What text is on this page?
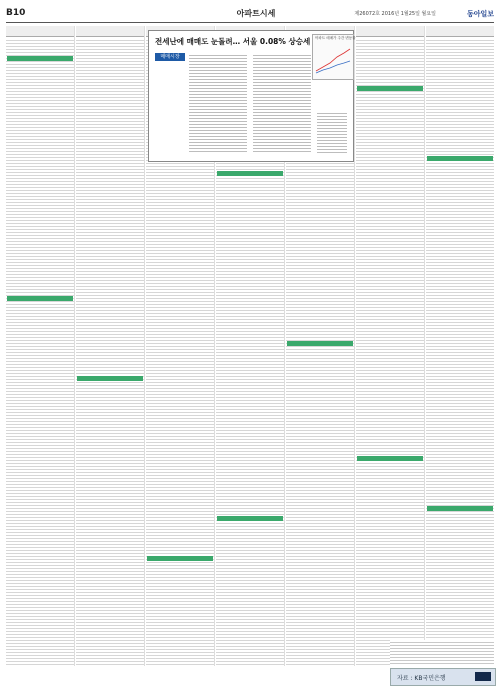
B10	아파트시세	제26072호 2016년 1월25일 월요일	동아일보
전세난에 매매도 눈돌려… 서울 0.08% 상승세
매매시장
아파트 매매가 주간 변동률
자료 : KB국민은행
